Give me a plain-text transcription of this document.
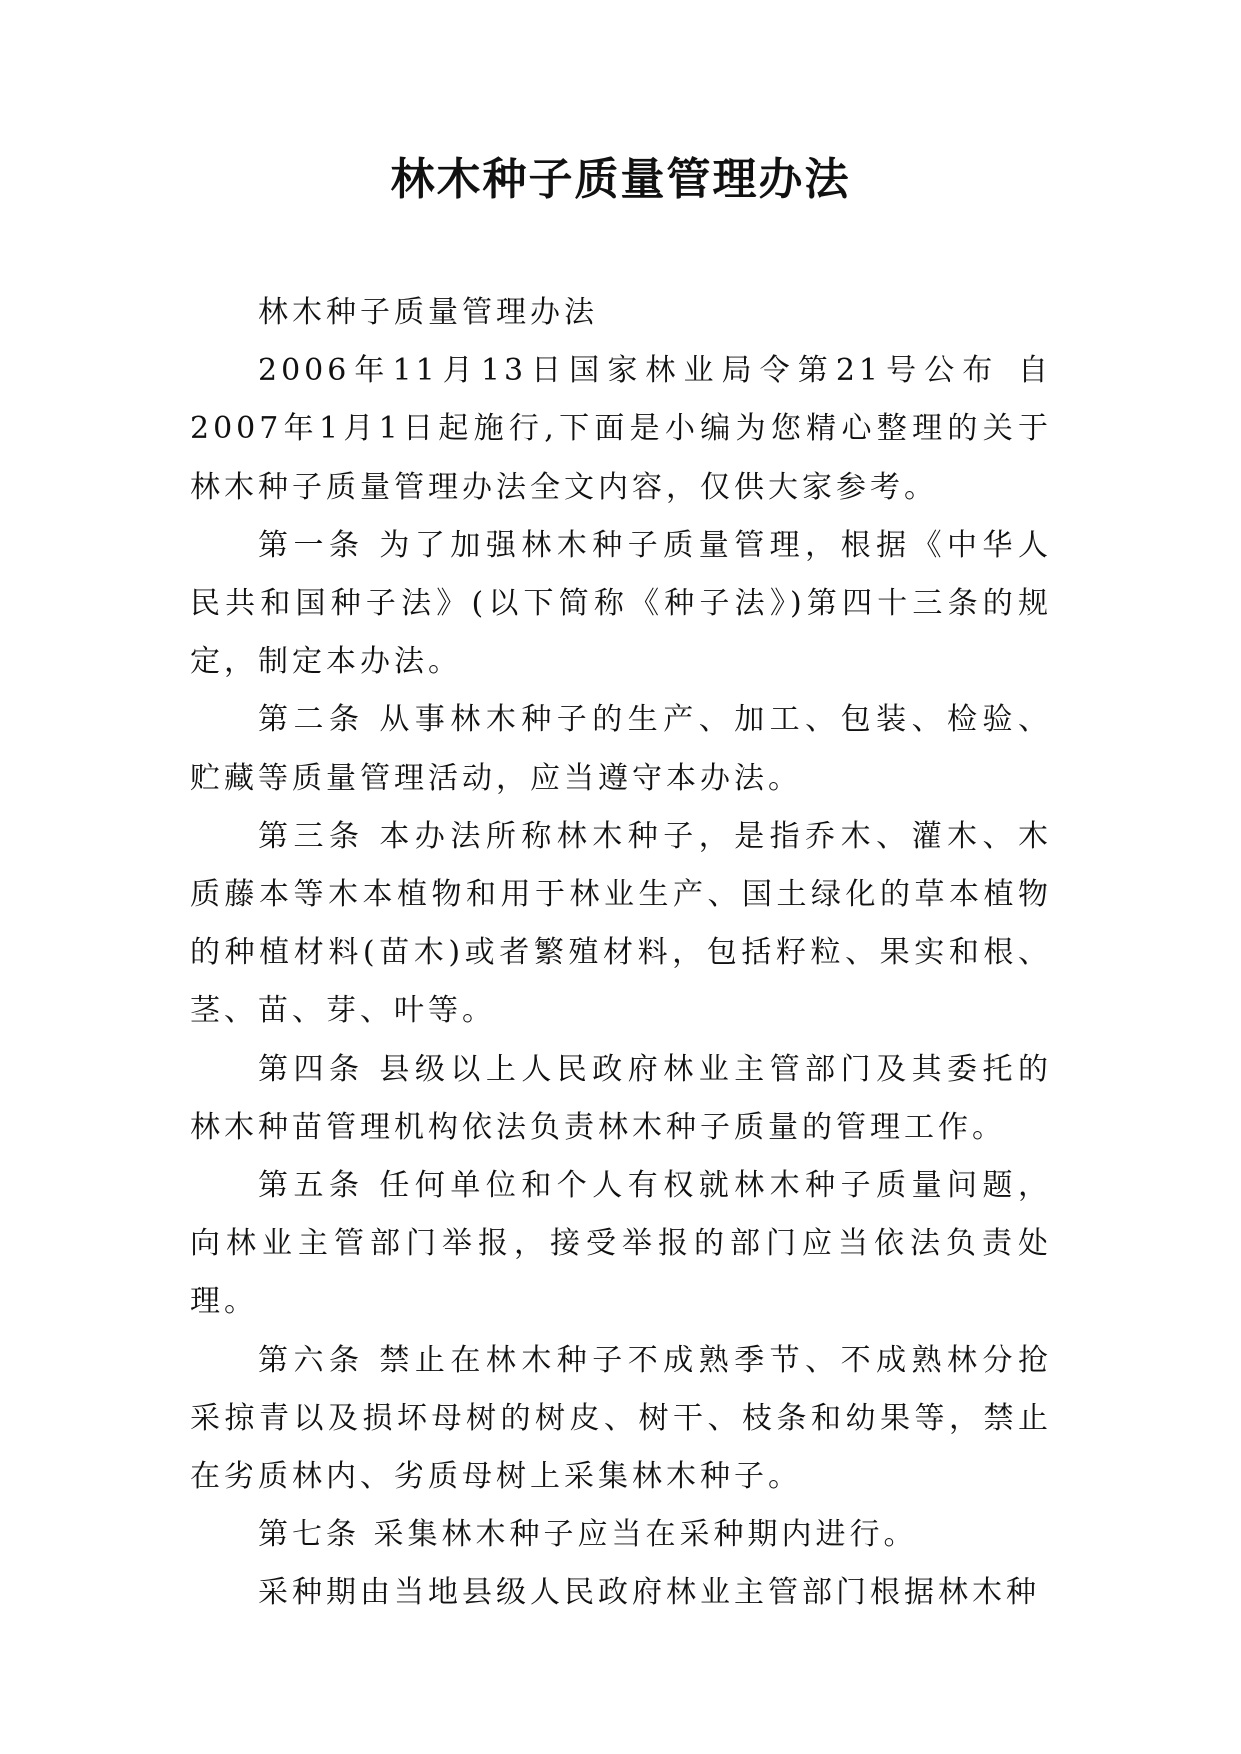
林木种子质量管理办法

林木种子质量管理办法

2006年11月13日国家林业局令第21号公布 自2007年1月1日起施行,下面是小编为您精心整理的关于林木种子质量管理办法全文内容，仅供大家参考。

第一条 为了加强林木种子质量管理，根据《中华人民共和国种子法》(以下简称《种子法》)第四十三条的规定，制定本办法。

第二条 从事林木种子的生产、加工、包装、检验、贮藏等质量管理活动，应当遵守本办法。

第三条 本办法所称林木种子，是指乔木、灌木、木质藤本等木本植物和用于林业生产、国土绿化的草本植物的种植材料(苗木)或者繁殖材料，包括籽粒、果实和根、茎、苗、芽、叶等。

第四条 县级以上人民政府林业主管部门及其委托的林木种苗管理机构依法负责林木种子质量的管理工作。

第五条 任何单位和个人有权就林木种子质量问题，向林业主管部门举报，接受举报的部门应当依法负责处理。

第六条 禁止在林木种子不成熟季节、不成熟林分抢采掠青以及损坏母树的树皮、树干、枝条和幼果等，禁止在劣质林内、劣质母树上采集林木种子。

第七条 采集林木种子应当在采种期内进行。

采种期由当地县级人民政府林业主管部门根据林木种
